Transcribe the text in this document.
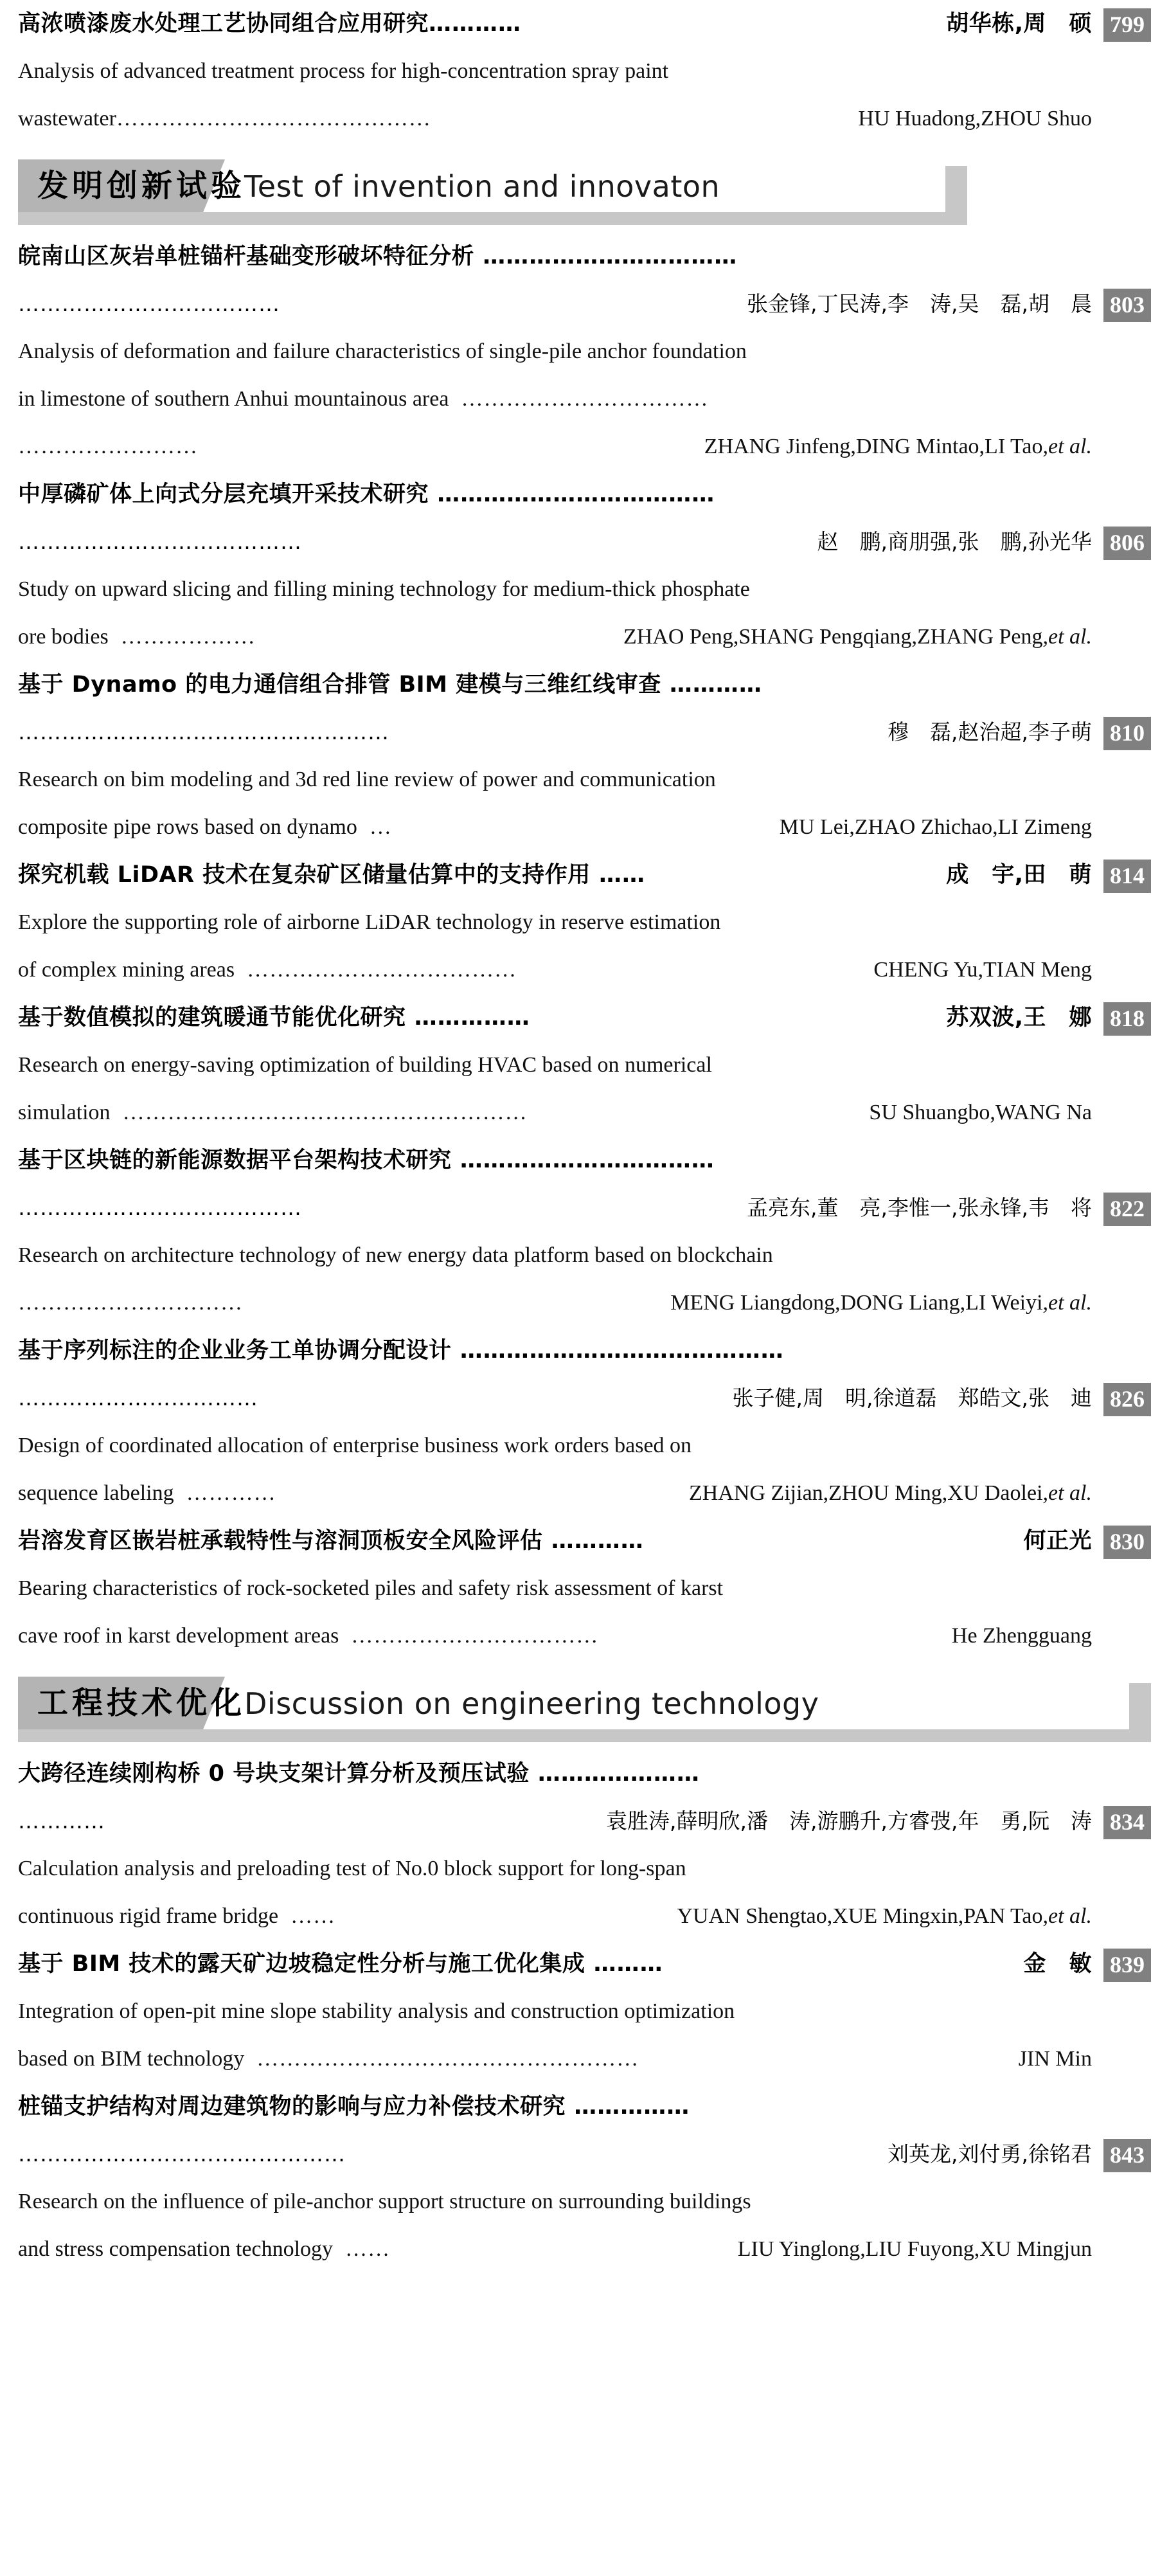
高浓喷漆废水处理工艺协同组合应用研究 …………	胡华栋,周　硕 799
Analysis of advanced treatment process for high-concentration spray paint
wastewater ……………………………………	HU Huadong,ZHOU Shuo
发明创新试验
Test of invention and innovaton
皖南山区灰岩单桩锚杆基础变形破坏特征分析 ……………………………
………………………………	张金锋,丁民涛,李　涛,吴　磊,胡　晨 803
Analysis of deformation and failure characteristics of single-pile anchor foundation
in limestone of southern Anhui mountainous area ……………………………
……………………	ZHANG Jinfeng,DING Mintao,LI Tao,et al.
中厚磷矿体上向式分层充填开采技术研究 ………………………………
…………………………………	赵　鹏,商朋强,张　鹏,孙光华 806
Study on upward slicing and filling mining technology for medium-thick phosphate
ore bodies ………………	ZHAO Peng,SHANG Pengqiang,ZHANG Peng,et al.
基于 Dynamo 的电力通信组合排管 BIM 建模与三维红线审查 …………
……………………………………………	穆　磊,赵治超,李子萌 810
Research on bim modeling and 3d red line review of power and communication
composite pipe rows based on dynamo …	MU Lei,ZHAO Zhichao,LI Zimeng
探究机载 LiDAR 技术在复杂矿区储量估算中的支持作用 ……	成　宇,田　萌 814
Explore the supporting role of airborne LiDAR technology in reserve estimation
of complex mining areas ………………………………	CHENG Yu,TIAN Meng
基于数值模拟的建筑暖通节能优化研究 ……………	苏双波,王　娜 818
Research on energy-saving optimization of building HVAC based on numerical
simulation ………………………………………………	SU Shuangbo,WANG Na
基于区块链的新能源数据平台架构技术研究 ……………………………
…………………………………	孟亮东,董　亮,李惟一,张永锋,韦　将 822
Research on architecture technology of new energy data platform based on blockchain
…………………………	MENG Liangdong,DONG Liang,LI Weiyi,et al.
基于序列标注的企业业务工单协调分配设计 ……………………………………
……………………………	张子健,周　明,徐道磊　郑皓文,张　迪 826
Design of coordinated allocation of enterprise business work orders based on
sequence labeling …………	ZHANG Zijian,ZHOU Ming,XU Daolei,et al.
岩溶发育区嵌岩桩承载特性与溶洞顶板安全风险评估 …………	何正光 830
Bearing characteristics of rock-socketed piles and safety risk assessment of karst
cave roof in karst development areas ……………………………	He Zhengguang
工程技术优化
Discussion on engineering technology
大跨径连续刚构桥 0 号块支架计算分析及预压试验 …………………
…………	袁胜涛,薛明欣,潘　涛,游鹏升,方睿弢,年　勇,阮　涛 834
Calculation analysis and preloading test of No.0 block support for long-span
continuous rigid frame bridge ……	YUAN Shengtao,XUE Mingxin,PAN Tao,et al.
基于 BIM 技术的露天矿边坡稳定性分析与施工优化集成 ………	金　敏 839
Integration of open-pit mine slope stability analysis and construction optimization
based on BIM technology ……………………………………………	JIN Min
桩锚支护结构对周边建筑物的影响与应力补偿技术研究 ……………
………………………………………	刘英龙,刘付勇,徐铭君 843
Research on the influence of pile-anchor support structure on surrounding buildings
and stress compensation technology ……	LIU Yinglong,LIU Fuyong,XU Mingjun
